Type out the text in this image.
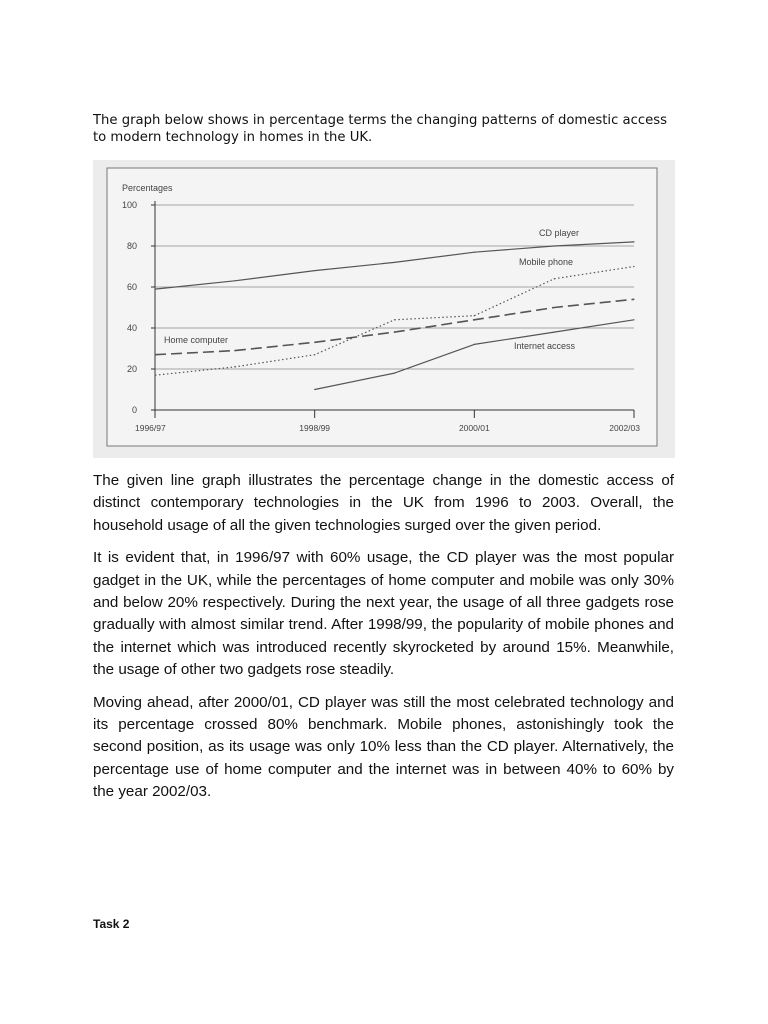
The graph below shows in percentage terms the changing patterns of domestic access to modern technology in homes in the UK.

Percentages
0
20
40
60
80
100
1996/97	1998/99	2000/01	2002/03
CD player
Mobile phone
Home computer
Internet access

The given line graph illustrates the percentage change in the domestic access of distinct contemporary technologies in the UK from 1996 to 2003. Overall, the household usage of all the given technologies surged over the given period.

It is evident that, in 1996/97 with 60% usage, the CD player was the most popular gadget in the UK, while the percentages of home computer and mobile was only 30% and below 20% respectively. During the next year, the usage of all three gadgets rose gradually with almost similar trend. After 1998/99, the popularity of mobile phones and the internet which was introduced recently skyrocketed by around 15%. Meanwhile, the usage of other two gadgets rose steadily.

Moving ahead, after 2000/01, CD player was still the most celebrated technology and its percentage crossed 80% benchmark. Mobile phones, astonishingly took the second position, as its usage was only 10% less than the CD player. Alternatively, the percentage use of home computer and the internet was in between 40% to 60% by the year 2002/03.

Task 2
